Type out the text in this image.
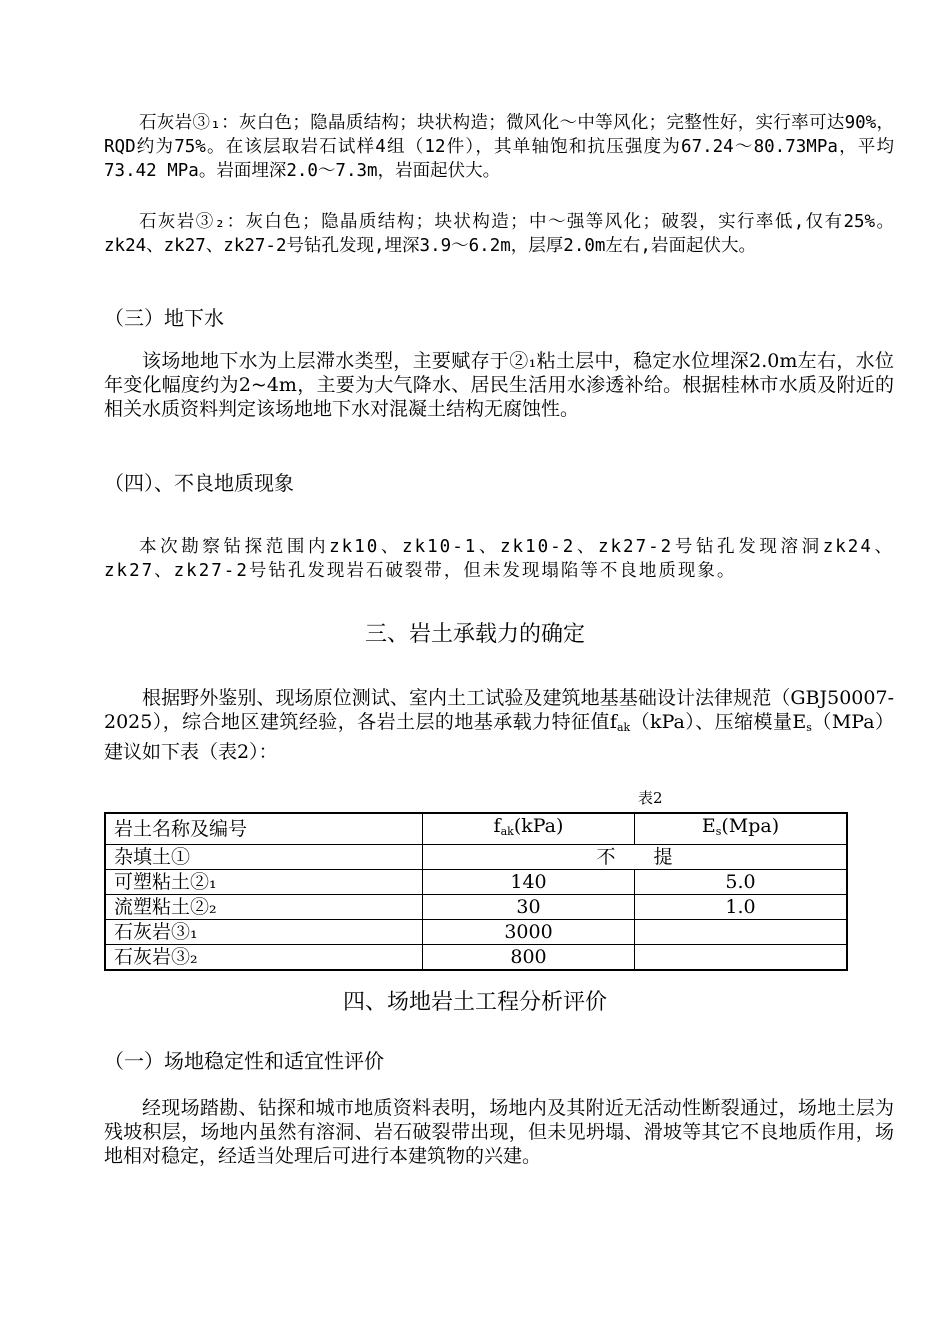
石灰岩③₁：灰白色；隐晶质结构；块状构造；微风化～中等风化；完整性好，实行率可达90%，RQD约为75%。在该层取岩石试样4组（12件），其单轴饱和抗压强度为67.24～80.73MPa，平均73.42 MPa。岩面埋深2.0～7.3m，岩面起伏大。
石灰岩③₂：灰白色；隐晶质结构；块状构造；中～强等风化；破裂，实行率低,仅有25%。zk24、zk27、zk27-2号钻孔发现,埋深3.9～6.2m，层厚2.0m左右,岩面起伏大。
（三）地下水
该场地地下水为上层滞水类型，主要赋存于②₁粘土层中，稳定水位埋深2.0m左右，水位年变化幅度约为2~4m，主要为大气降水、居民生活用水渗透补给。根据桂林市水质及附近的相关水质资料判定该场地地下水对混凝土结构无腐蚀性。
（四）、不良地质现象
本次勘察钻探范围内zk10、zk10-1、zk10-2、zk27-2号钻孔发现溶洞zk24、zk27、zk27-2号钻孔发现岩石破裂带，但未发现塌陷等不良地质现象。
三、岩土承载力的确定
根据野外鉴别、现场原位测试、室内土工试验及建筑地基基础设计法律规范（GBJ50007-2025），综合地区建筑经验，各岩土层的地基承载力特征值$f_{ak}(kPa)$、压缩模量$E_s(MPa)$建议如下表（表2）：
表2
岩土名称及编号	$f_{ak}(kPa)$	$E_s(Mpa)$
杂填土①	不　　提	
可塑粘土②₁	140	5.0
流塑粘土②₂	30	1.0
石灰岩③₁	3000	
石灰岩③₂	800	
四、场地岩土工程分析评价
（一）场地稳定性和适宜性评价
经现场踏勘、钻探和城市地质资料表明，场地内及其附近无活动性断裂通过，场地土层为残坡积层，场地内虽然有溶洞、岩石破裂带出现，但未见坍塌、滑坡等其它不良地质作用，场地相对稳定，经适当处理后可进行本建筑物的兴建。
